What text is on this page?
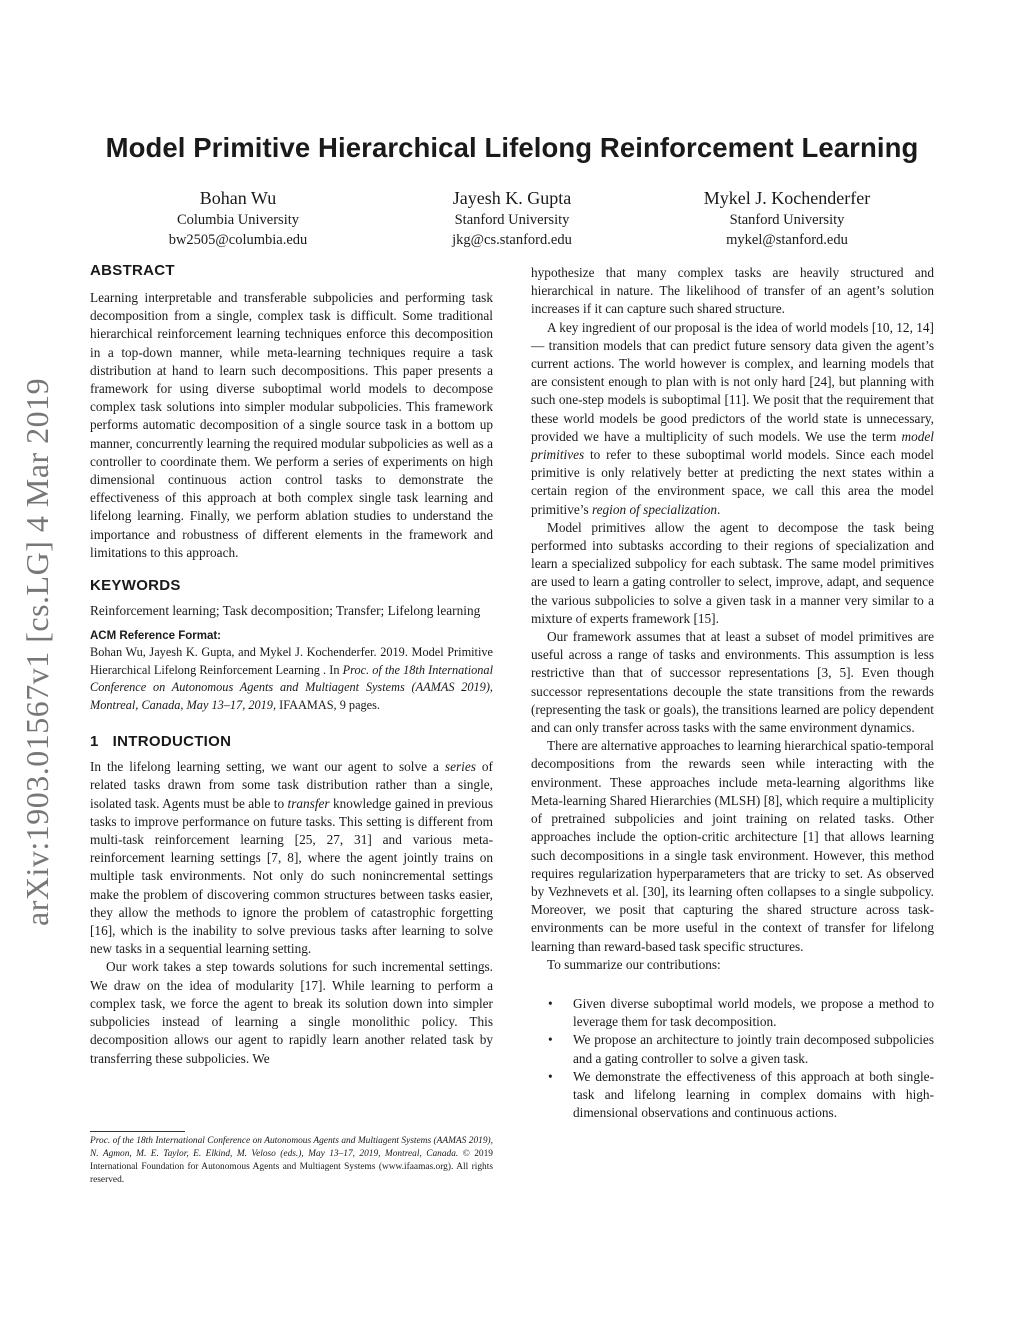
Model Primitive Hierarchical Lifelong Reinforcement Learning
Bohan Wu
Columbia University
bw2505@columbia.edu
Jayesh K. Gupta
Stanford University
jkg@cs.stanford.edu
Mykel J. Kochenderfer
Stanford University
mykel@stanford.edu
arXiv:1903.01567v1 [cs.LG] 4 Mar 2019
ABSTRACT

Learning interpretable and transferable subpolicies and performing task decomposition from a single, complex task is difficult. Some traditional hierarchical reinforcement learning techniques enforce this decomposition in a top-down manner, while meta-learning techniques require a task distribution at hand to learn such decompositions. This paper presents a framework for using diverse suboptimal world models to decompose complex task solutions into simpler modular subpolicies. This framework performs automatic decomposition of a single source task in a bottom up manner, concurrently learning the required modular subpolicies as well as a controller to coordinate them. We perform a series of experiments on high dimensional continuous action control tasks to demonstrate the effectiveness of this approach at both complex single task learning and lifelong learning. Finally, we perform ablation studies to understand the importance and robustness of different elements in the framework and limitations to this approach.

KEYWORDS

Reinforcement learning; Task decomposition; Transfer; Lifelong learning

ACM Reference Format:

Bohan Wu, Jayesh K. Gupta, and Mykel J. Kochenderfer. 2019. Model Primitive Hierarchical Lifelong Reinforcement Learning . In Proc. of the 18th International Conference on Autonomous Agents and Multiagent Systems (AAMAS 2019), Montreal, Canada, May 13–17, 2019, IFAAMAS, 9 pages.

1 INTRODUCTION

In the lifelong learning setting, we want our agent to solve a series of related tasks drawn from some task distribution rather than a single, isolated task. Agents must be able to transfer knowledge gained in previous tasks to improve performance on future tasks. This setting is different from multi-task reinforcement learning [25, 27, 31] and various meta-reinforcement learning settings [7, 8], where the agent jointly trains on multiple task environments. Not only do such nonincremental settings make the problem of discovering common structures between tasks easier, they allow the methods to ignore the problem of catastrophic forgetting [16], which is the inability to solve previous tasks after learning to solve new tasks in a sequential learning setting.

Our work takes a step towards solutions for such incremental settings. We draw on the idea of modularity [17]. While learning to perform a complex task, we force the agent to break its solution down into simpler subpolicies instead of learning a single monolithic policy. This decomposition allows our agent to rapidly learn another related task by transferring these subpolicies. We

Proc. of the 18th International Conference on Autonomous Agents and Multiagent Systems (AAMAS 2019), N. Agmon, M. E. Taylor, E. Elkind, M. Veloso (eds.), May 13–17, 2019, Montreal, Canada. © 2019 International Foundation for Autonomous Agents and Multiagent Systems (www.ifaamas.org). All rights reserved.

hypothesize that many complex tasks are heavily structured and hierarchical in nature. The likelihood of transfer of an agent’s solution increases if it can capture such shared structure.

A key ingredient of our proposal is the idea of world models [10, 12, 14] — transition models that can predict future sensory data given the agent’s current actions. The world however is complex, and learning models that are consistent enough to plan with is not only hard [24], but planning with such one-step models is suboptimal [11]. We posit that the requirement that these world models be good predictors of the world state is unnecessary, provided we have a multiplicity of such models. We use the term model primitives to refer to these suboptimal world models. Since each model primitive is only relatively better at predicting the next states within a certain region of the environment space, we call this area the model primitive’s region of specialization.

Model primitives allow the agent to decompose the task being performed into subtasks according to their regions of specialization and learn a specialized subpolicy for each subtask. The same model primitives are used to learn a gating controller to select, improve, adapt, and sequence the various subpolicies to solve a given task in a manner very similar to a mixture of experts framework [15].

Our framework assumes that at least a subset of model primitives are useful across a range of tasks and environments. This assumption is less restrictive than that of successor representations [3, 5]. Even though successor representations decouple the state transitions from the rewards (representing the task or goals), the transitions learned are policy dependent and can only transfer across tasks with the same environment dynamics.

There are alternative approaches to learning hierarchical spatio-temporal decompositions from the rewards seen while interacting with the environment. These approaches include meta-learning algorithms like Meta-learning Shared Hierarchies (MLSH) [8], which require a multiplicity of pretrained subpolicies and joint training on related tasks. Other approaches include the option-critic architecture [1] that allows learning such decompositions in a single task environment. However, this method requires regularization hyperparameters that are tricky to set. As observed by Vezhnevets et al. [30], its learning often collapses to a single subpolicy. Moreover, we posit that capturing the shared structure across task-environments can be more useful in the context of transfer for lifelong learning than reward-based task specific structures.

To summarize our contributions:

• Given diverse suboptimal world models, we propose a method to leverage them for task decomposition.
• We propose an architecture to jointly train decomposed subpolicies and a gating controller to solve a given task.
• We demonstrate the effectiveness of this approach at both single-task and lifelong learning in complex domains with high-dimensional observations and continuous actions.
